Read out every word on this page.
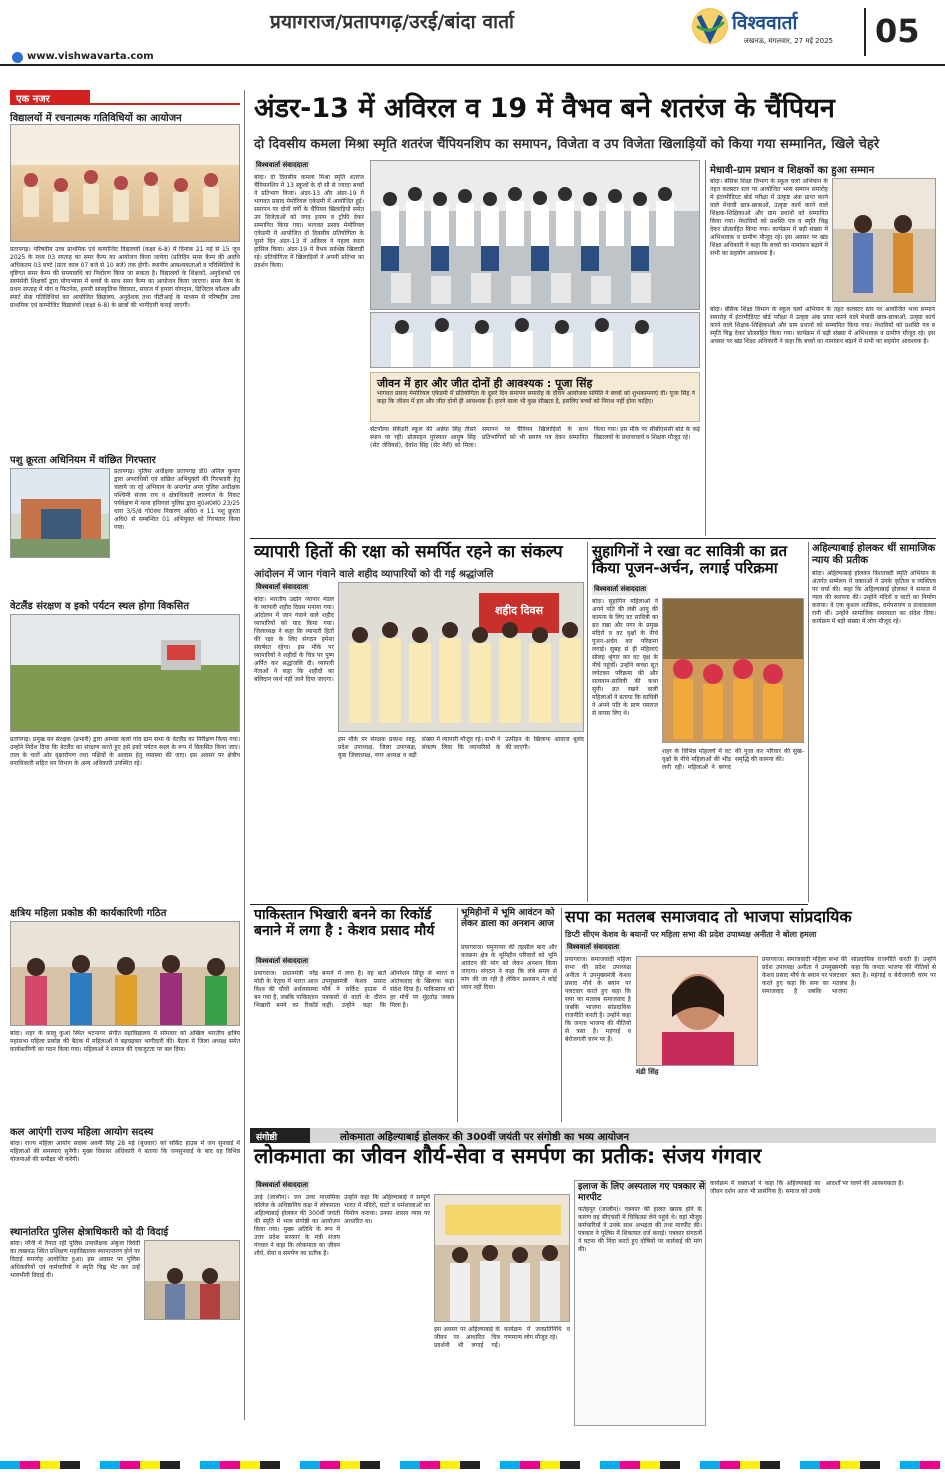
प्रयागराज/प्रतापगढ़/उरई/बांदा वार्ता
www.vishwavarta.com
विश्ववार्ता
लखनऊ, मंगलवार, 27 मई 2025 05
एक नजर
विद्यालयों में रचनात्मक गतिविधियों का आयोजन
प्रतापगढ़। परिषदीय उच्च प्राथमिक एवं कम्पोजिट विद्यालयों (कक्षा 6-8) में दिनांक 21 मई से 15 जून 2025 के मध्य 03 सप्ताह का समर कैम्प का आयोजन किया जायेगा (प्रतिदिन समर कैम्प की अवधि अधिकतम 03 घण्टे (प्रातः काल 07 बजे से 10 बजे) तक होगी। स्थानीय आवश्यकताओं व परिस्थितियों के दृष्टिगत समर कैम्प की समयावधि का निर्धारण किया जा सकता है। विद्यालयों के शिक्षकों, अनुदेशकों एवं स्वयंसेवी शिक्षकों द्वारा योगाभ्यास में बच्चों के साथ समर कैम्प का आयोजन किया जाएगा। समर कैम्प के प्रथम सप्ताह में योग व फिटनेस, हमारी सांस्कृतिक विरासत, समाज में हमारा योगदान, डिजिटल कौशल और स्मार्ट सेवा गतिविधियां कर आयोजित विद्यालय, अनुदेशक तथा पीटीआई के माध्यम से परिषदीय उच्च प्राथमिक एवं कम्पोजिट विद्यालयों (कक्षा 6-8) के छात्रों की भागीदारी कराई जाएगी।
पशु क्रूरता अधिनियम में वांछित गिरफ्तार
प्रतापगढ़। पुलिस अधीक्षक प्रतापगढ़ डॉ0 अनिल कुमार द्वारा अपराधियों एवं वांछित अभियुक्तों की गिरफ्तारी हेतु चलाये जा रहे अभियान के अन्तर्गत अपर पुलिस अधीक्षक पश्चिमी संजय राय व क्षेत्राधिकारी लालगंज के निकट पर्यवेक्षण में थाना हथिगवां पुलिस द्वारा मु0अ0सं0 23/25 धारा 3/5/8 गो0वध निवारण अधि0 व 11 पशु क्रूरता अधि0 से सम्बन्धित 01 अभियुक्त को गिरफ्तार किया गया।
वेटलैंड संरक्षण व इको पर्यटन स्थल होगा विकसित
प्रतापगढ़। प्रमुख वन संरक्षक (प्रभारी) द्वारा आमवा कलां गांव ग्राम सभा के वेटलैंड का निरीक्षण किया गया। उन्होंने निर्देश दिया कि वेटलैंड का संरक्षण करते हुए इसे इको पर्यटन स्थल के रूप में विकसित किया जाए। ताल के चारों ओर वृक्षारोपण तथा पक्षियों के आवास हेतु व्यवस्था की जाए। इस अवसर पर क्षेत्रीय वनाधिकारी सहित वन विभाग के अन्य अधिकारी उपस्थित रहे।
क्षत्रिय महिला प्रकोष्ठ की कार्यकारिणी गठित
बांदा। शहर के कालू कुआं स्थित भटनागर संगीत महाविद्यालय में सोमवार को अखिल भारतीय क्षत्रिय महासभा महिला प्रकोष्ठ की बैठक में महिलाओं ने बढ़चढ़कर भागीदारी की। बैठक में जिला अध्यक्ष समेत कार्यकारिणी का गठन किया गया। महिलाओं ने समाज की एकजुटता पर बल दिया।
कल आएंगी राज्य महिला आयोग सदस्य
बांदा। राज्य महिला आयोग सदस्य अवनी सिंह 28 मई (बुधवार) को सर्किट हाउस में जन सुनवाई में महिलाओं की समस्याएं सुनेंगी। मुख्य विकास अधिकारी ने बताया कि जनसुनवाई के बाद वह विभिन्न योजनाओं की समीक्षा भी करेंगी।
स्थानांतरित पुलिस क्षेत्राधिकारी को दी विदाई
बांदा। नरैनी में तैनात रहीं पुलिस उपाधीक्षक अंबुजा त्रिवेदी का लखनऊ स्थित प्रशिक्षण महाविद्यालय स्थानान्तरण होने पर विदाई समारोह आयोजित हुआ। इस अवसर पर पुलिस अधिकारियों एवं कर्मचारियों ने स्मृति चिह्न भेंट कर उन्हें भावभीनी विदाई दी।
अंडर-13 में अविरल व 19 में वैभव बने शतरंज के चैंपियन
दो दिवसीय कमला मिश्रा स्मृति शतरंज चैंपियनशिप का समापन, विजेता व उप विजेता खिलाड़ियों को किया गया सम्मानित, खिले चेहरे
विश्ववार्ता संवाददाता
बांदा। दो दिवसीय कमला मिश्रा स्मृति शतरंज चैंपियनशिप में 13 स्कूलों के दो सौ से ज्यादा बच्चों ने प्रतिभाग किया। अंडर-13 और अंडर-19 में भागवत प्रसाद मेमोरियल एकेडमी में आयोजित हुई। समापन पर दोनों वर्गों के चैंपियन खिलाड़ियों समेत उप विजेताओं को नगद इनाम व ट्रॉफी देकर सम्मानित किया गया। भागवत प्रसाद मेमोरियल एकेडमी में आयोजित दो दिवसीय प्रतियोगिता के दूसरे दिन अंडर-13 में अविरल ने पहला स्थान हासिल किया। अंडर-19 में वैभव सर्वश्रेष्ठ खिलाड़ी रहे। प्रतियोगिता में खिलाड़ियों ने अपनी प्रतिभा का प्रदर्शन किया।
जीवन में हार और जीत दोनों ही आवश्यक : पूजा सिंह
भागवत प्रसाद मेमोरियल एकेडमी में प्रतियोगिता के दूसरे दिन समापन समारोह के दौरान आयोजक समिति ने बच्चों को शुभकामनाएं दीं। पूजा सिंह ने कहा कि जीवन में हार और जीत दोनों ही आवश्यक हैं। हारने वाला भी कुछ सीखता है, इसलिए बच्चों को निराश नहीं होना चाहिए।
सेंटपॉल्स सेकेंडरी स्कूल की अन्नेया सिंह तीसरे स्थान पर रहीं। प्रोत्साहन पुरस्कार आयुष सिंह (सेंट जेवियर्स), देवांश सिंह (सेंट मेरी) को मिला। समापन पर चैंपियन खिलाड़ियों के साथ प्रतिभागियों को भी प्रमाण पत्र देकर सम्मानित किया गया। इस मौके पर सीबीएससी बोर्ड के कई विद्यालयों के प्रधानाचार्य व शिक्षक मौजूद रहे।
मेधावी-ग्राम प्रधान व शिक्षकों का हुआ सम्मान
बांदा। बेसिक शिक्षा विभाग के स्कूल चलो अभियान के तहत कलस्टर स्तर पर आयोजित भव्य सम्मान समारोह में इंटरमीडिएट बोर्ड परीक्षा में उत्कृष्ट अंक प्राप्त करने वाले मेधावी छात्र-छात्राओं, उत्कृष्ट कार्य करने वाले शिक्षक-शिक्षिकाओं और ग्राम प्रधानों को सम्मानित किया गया। मेधावियों को प्रशस्ति पत्र व स्मृति चिह्न देकर प्रोत्साहित किया गया। कार्यक्रम में बड़ी संख्या में अभिभावक व ग्रामीण मौजूद रहे। इस अवसर पर खंड शिक्षा अधिकारी ने कहा कि बच्चों का नामांकन बढ़ाने में सभी का सहयोग आवश्यक है।
बांदा। बेसिक शिक्षा विभाग के स्कूल चलो अभियान के तहत कलस्टर स्तर पर आयोजित भव्य सम्मान समारोह में इंटरमीडिएट बोर्ड परीक्षा में उत्कृष्ट अंक प्राप्त करने वाले मेधावी छात्र-छात्राओं, उत्कृष्ट कार्य करने वाले शिक्षक-शिक्षिकाओं और ग्राम प्रधानों को सम्मानित किया गया। मेधावियों को प्रशस्ति पत्र व स्मृति चिह्न देकर प्रोत्साहित किया गया। कार्यक्रम में बड़ी संख्या में अभिभावक व ग्रामीण मौजूद रहे। इस अवसर पर खंड शिक्षा अधिकारी ने कहा कि बच्चों का नामांकन बढ़ाने में सभी का सहयोग आवश्यक है।
व्यापारी हितों की रक्षा को समर्पित रहने का संकल्प
आंदोलन में जान गंवाने वाले शहीद व्यापारियों को दी गई श्रद्धांजलि
विश्ववार्ता संवाददाता
बांदा। भारतीय उद्योग व्यापार मंडल के व्यापारी शहीद दिवस मनाया गया। आंदोलन में जान गंवाने वाले शहीद व्यापारियों को याद किया गया। जिलाध्यक्ष ने कहा कि व्यापारी हितों की रक्षा के लिए संगठन हमेशा संघर्षरत रहेगा। इस मौके पर व्यापारियों ने शहीदों के चित्र पर पुष्प अर्पित कर श्रद्धांजलि दी। व्यापारी नेताओं ने कहा कि शहीदों का बलिदान व्यर्थ नहीं जाने दिया जाएगा।
शहीद दिवस
इस मौके पर संरक्षक प्रकाश साहू, प्रदेश उपाध्यक्ष, जिला उपाध्यक्ष, युवा जिलाध्यक्ष, नगर अध्यक्ष व बड़ी संख्या में व्यापारी मौजूद रहे। सभी ने संकल्प लिया कि व्यापारियों के उत्पीड़न के खिलाफ आवाज बुलंद की जाएगी।
सुहागिनों ने रखा वट सावित्री का व्रत किया पूजन-अर्चन, लगाई परिक्रमा
विश्ववार्ता संवाददाता
बांदा। सुहागिन महिलाओं ने अपने पति की लंबी आयु की कामना के लिए वट सावित्री का व्रत रखा और नगर के प्रमुख मंदिरों व वट वृक्षों के नीचे पूजन-अर्चन कर परिक्रमा लगाई। सुबह से ही महिलाएं सोलह श्रृंगार कर वट वृक्ष के नीचे पहुंचीं। उन्होंने कच्चा सूत लपेटकर परिक्रमा की और सत्यवान-सावित्री की कथा सुनी। व्रत रखने वाली महिलाओं ने बताया कि सावित्री ने अपने पति के प्राण यमराज से वापस लिए थे।
शहर के विभिन्न मोहल्लों में वट वृक्षों के नीचे महिलाओं की भीड़ लगी रही। महिलाओं ने बरगद की पूजा कर परिवार की सुख-समृद्धि की कामना की।
अहिल्याबाई होलकर थीं सामाजिक न्याय की प्रतीक
बांदा। अहिल्याबाई होलकर त्रिशताब्दी स्मृति अभियान के अंतर्गत सम्मेलन में वक्ताओं ने उनके कृतित्व व व्यक्तित्व पर चर्चा की। कहा कि अहिल्याबाई होलकर ने समाज में न्याय की स्थापना की। उन्होंने मंदिरों व घाटों का निर्माण कराया। वे एक कुशल शासिका, धर्मपरायण व प्रजावत्सल रानी थीं। उन्होंने सामाजिक समरसता का संदेश दिया। कार्यक्रम में बड़ी संख्या में लोग मौजूद रहे।
पाकिस्तान भिखारी बनने का रिकॉर्ड बनाने में लगा है : केशव प्रसाद मौर्य
विश्ववार्ता संवाददाता
प्रयागराज। प्रधानमंत्री नरेंद्र मोदी के नेतृत्व में भारत आज विश्व की चौथी अर्थव्यवस्था बन गया है, जबकि पाकिस्तान भिखारी बनने का रिकॉर्ड बनाने में लगा है। यह बातें उपमुख्यमंत्री केशव प्रसाद मौर्य ने सर्किट हाउस में पत्रकारों से वार्ता के दौरान कहीं। उन्होंने कहा कि ऑपरेशन सिंदूर से भारत ने आतंकवाद के खिलाफ कड़ा संदेश दिया है। पाकिस्तान को हर मोर्चे पर मुंहतोड़ जवाब मिला है।
भूमिहीनों में भूमि आवंटन को लेकर डाला का अनशन आज
प्रयागराज। यमुनापार की तहसील बारा और करछना क्षेत्र के भूमिहीन परिवारों को भूमि आवंटन की मांग को लेकर अनशन किया जाएगा। संगठन ने कहा कि लंबे समय से मांग की जा रही है लेकिन प्रशासन ने कोई ध्यान नहीं दिया।
सपा का मतलब समाजवाद तो भाजपा सांप्रदायिक
डिप्टी सीएम केशव के बयानों पर महिला सभा की प्रदेश उपाध्यक्ष अनीता ने बोला हमला
विश्ववार्ता संवाददाता
प्रयागराज। समाजवादी महिला सभा की प्रदेश उपाध्यक्ष अनीता ने उपमुख्यमंत्री केशव प्रसाद मौर्य के बयान पर पलटवार करते हुए कहा कि सपा का मतलब समाजवाद है जबकि भाजपा सांप्रदायिक राजनीति करती है। उन्होंने कहा कि जनता भाजपा की नीतियों से त्रस्त है। महंगाई व बेरोजगारी चरम पर है।
मंडी सिंह
प्रयागराज। समाजवादी महिला सभा की प्रदेश उपाध्यक्ष अनीता ने उपमुख्यमंत्री केशव प्रसाद मौर्य के बयान पर पलटवार करते हुए कहा कि सपा का मतलब समाजवाद है जबकि भाजपा सांप्रदायिक राजनीति करती है। उन्होंने कहा कि जनता भाजपा की नीतियों से त्रस्त है। महंगाई व बेरोजगारी चरम पर है।
संगोष्ठी	लोकमाता अहिल्याबाई होलकर की 300वीं जयंती पर संगोष्ठी का भव्य आयोजन
लोकमाता का जीवन शौर्य-सेवा व समर्पण का प्रतीक: संजय गंगवार
विश्ववार्ता संवाददाता
उरई (जालौन)। जन उच्च माध्यमिक कॉलेज के अधिष्ठानिय कक्ष में लोकमाता अहिल्याबाई होलकर की 300वीं जयंती की स्मृति में भव्य संगोष्ठी का आयोजन किया गया। मुख्य अतिथि के रूप में उत्तर प्रदेश सरकार के मंत्री संजय गंगवार ने कहा कि लोकमाता का जीवन शौर्य, सेवा व समर्पण का प्रतीक है।
उन्होंने कहा कि अहिल्याबाई ने सम्पूर्ण भारत में मंदिरों, घाटों व धर्मशालाओं का निर्माण कराया। उनका शासन न्याय पर आधारित था।
इस अवसर पर अहिल्याबाई के जीवन पर आधारित चित्र प्रदर्शनी भी लगाई गई। कार्यक्रम में जनप्रतिनिधि व गणमान्य लोग मौजूद रहे।
कार्यक्रम में वक्ताओं ने कहा कि अहिल्याबाई का जीवन दर्शन आज भी प्रासंगिक है। समाज को उनके आदर्शों पर चलने की आवश्यकता है।
इलाज के लिए अस्पताल गए पत्रकार से मारपीट
फतेहपुर (जालौन)। पत्रकार की हालत खराब होने के कारण वह सीएचसी में चिकित्सा लेने पहुंचे थे। वहां मौजूद कर्मचारियों ने उनके साथ अभद्रता की तथा मारपीट की। पत्रकार ने पुलिस में शिकायत दर्ज कराई। पत्रकार संगठनों ने घटना की निंदा करते हुए दोषियों पर कार्रवाई की मांग की।
